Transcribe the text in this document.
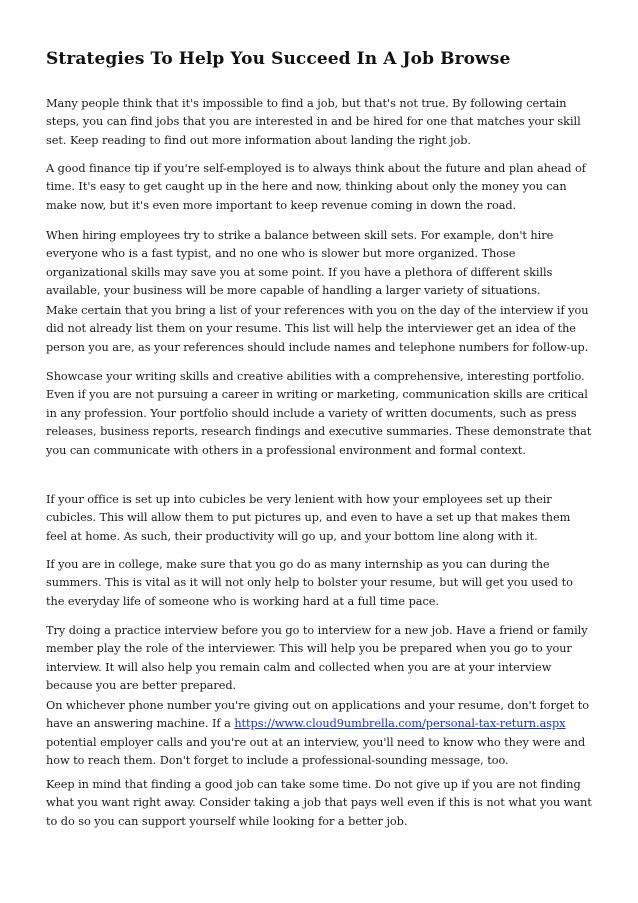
Strategies To Help You Succeed In A Job Browse

Many people think that it's impossible to find a job, but that's not true. By following certain steps, you can find jobs that you are interested in and be hired for one that matches your skill set. Keep reading to find out more information about landing the right job.

A good finance tip if you're self-employed is to always think about the future and plan ahead of time. It's easy to get caught up in the here and now, thinking about only the money you can make now, but it's even more important to keep revenue coming in down the road.

When hiring employees try to strike a balance between skill sets. For example, don't hire everyone who is a fast typist, and no one who is slower but more organized. Those organizational skills may save you at some point. If you have a plethora of different skills available, your business will be more capable of handling a larger variety of situations.

Make certain that you bring a list of your references with you on the day of the interview if you did not already list them on your resume. This list will help the interviewer get an idea of the person you are, as your references should include names and telephone numbers for follow-up.

Showcase your writing skills and creative abilities with a comprehensive, interesting portfolio. Even if you are not pursuing a career in writing or marketing, communication skills are critical in any profession. Your portfolio should include a variety of written documents, such as press releases, business reports, research findings and executive summaries. These demonstrate that you can communicate with others in a professional environment and formal context.

If your office is set up into cubicles be very lenient with how your employees set up their cubicles. This will allow them to put pictures up, and even to have a set up that makes them feel at home. As such, their productivity will go up, and your bottom line along with it.

If you are in college, make sure that you go do as many internship as you can during the summers. This is vital as it will not only help to bolster your resume, but will get you used to the everyday life of someone who is working hard at a full time pace.

Try doing a practice interview before you go to interview for a new job. Have a friend or family member play the role of the interviewer. This will help you be prepared when you go to your interview. It will also help you remain calm and collected when you are at your interview because you are better prepared.

On whichever phone number you're giving out on applications and your resume, don't forget to have an answering machine. If a https://www.cloud9umbrella.com/personal-tax-return.aspx potential employer calls and you're out at an interview, you'll need to know who they were and how to reach them. Don't forget to include a professional-sounding message, too.

Keep in mind that finding a good job can take some time. Do not give up if you are not finding what you want right away. Consider taking a job that pays well even if this is not what you want to do so you can support yourself while looking for a better job.
